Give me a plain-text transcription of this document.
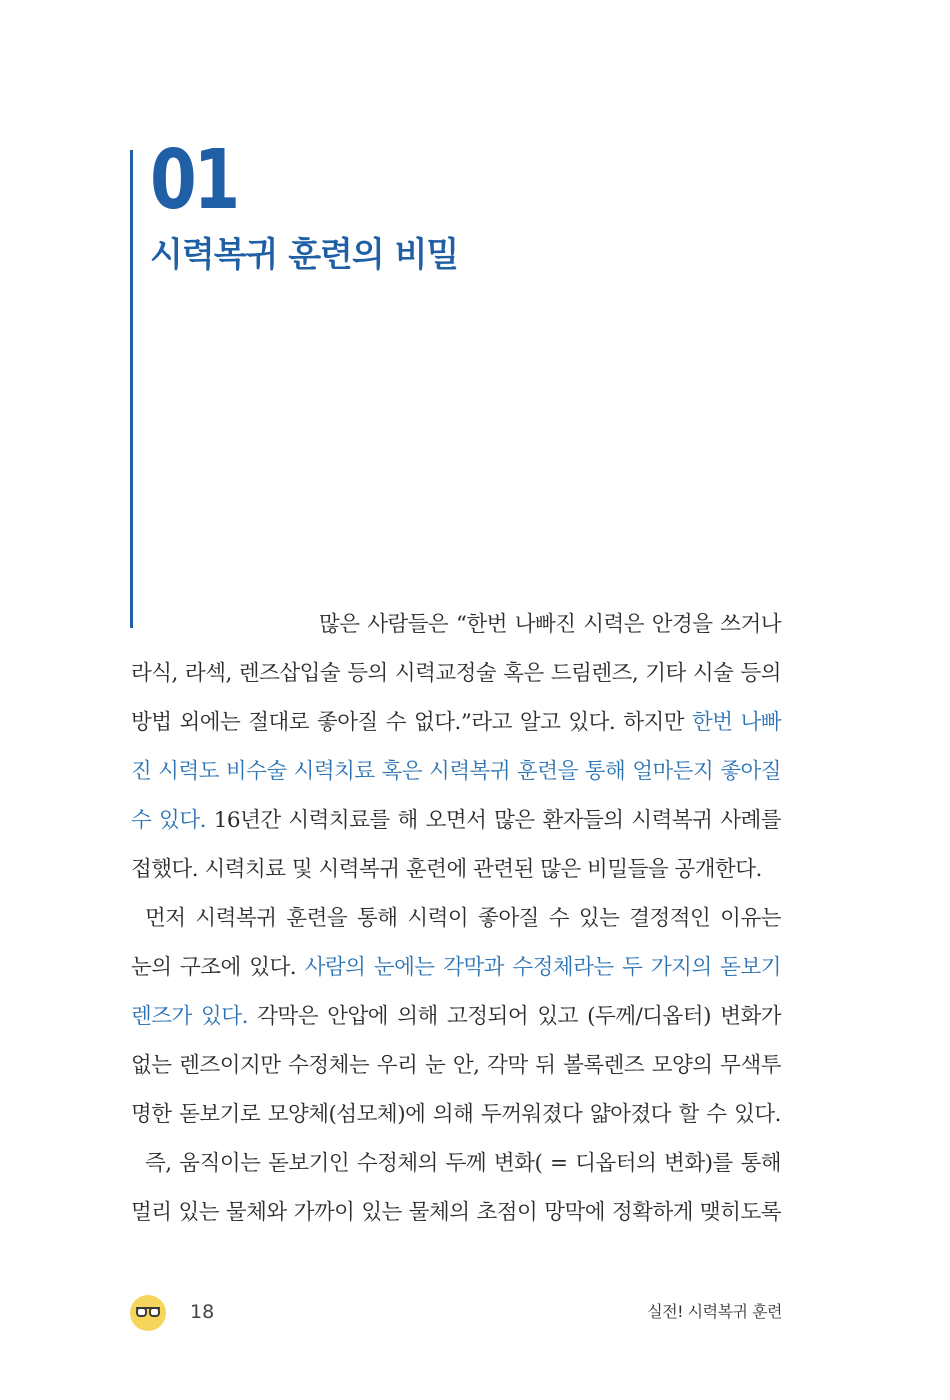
01
시력복귀 훈련의 비밀
많은 사람들은 “한번 나빠진 시력은 안경을 쓰거나
라식, 라섹, 렌즈삽입술 등의 시력교정술 혹은 드림렌즈, 기타 시술 등의
방법 외에는 절대로 좋아질 수 없다.”라고 알고 있다. 하지만 한번 나빠
진 시력도 비수술 시력치료 혹은 시력복귀 훈련을 통해 얼마든지 좋아질
수 있다. 16년간 시력치료를 해 오면서 많은 환자들의 시력복귀 사례를
접했다. 시력치료 및 시력복귀 훈련에 관련된 많은 비밀들을 공개한다.
먼저 시력복귀 훈련을 통해 시력이 좋아질 수 있는 결정적인 이유는
눈의 구조에 있다. 사람의 눈에는 각막과 수정체라는 두 가지의 돋보기
렌즈가 있다. 각막은 안압에 의해 고정되어 있고 (두께/디옵터) 변화가
없는 렌즈이지만 수정체는 우리 눈 안, 각막 뒤 볼록렌즈 모양의 무색투
명한 돋보기로 모양체(섬모체)에 의해 두꺼워졌다 얇아졌다 할 수 있다.
즉, 움직이는 돋보기인 수정체의 두께 변화( = 디옵터의 변화)를 통해
멀리 있는 물체와 가까이 있는 물체의 초점이 망막에 정확하게 맺히도록
18	실전! 시력복귀 훈련
